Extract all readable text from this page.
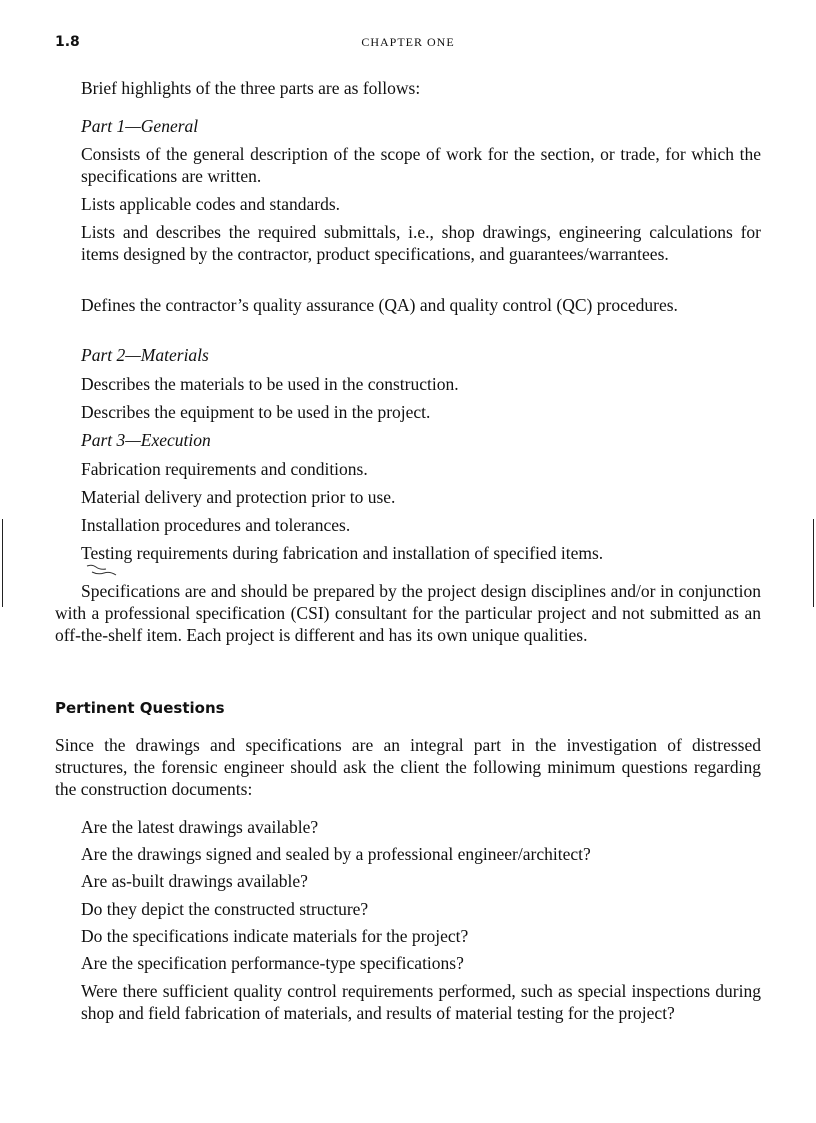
1.8	CHAPTER ONE
Brief highlights of the three parts are as follows:
Part 1—General
Consists of the general description of the scope of work for the section, or trade, for which the specifications are written.
Lists applicable codes and standards.
Lists and describes the required submittals, i.e., shop drawings, engineering calculations for items designed by the contractor, product specifications, and guarantees/warrantees.
Defines the contractor’s quality assurance (QA) and quality control (QC) procedures.
Part 2—Materials
Describes the materials to be used in the construction.
Describes the equipment to be used in the project.
Part 3—Execution
Fabrication requirements and conditions.
Material delivery and protection prior to use.
Installation procedures and tolerances.
Testing requirements during fabrication and installation of specified items.
Specifications are and should be prepared by the project design disciplines and/or in conjunction with a professional specification (CSI) consultant for the particular project and not submitted as an off-the-shelf item. Each project is different and has its own unique qualities.
Pertinent Questions
Since the drawings and specifications are an integral part in the investigation of distressed structures, the forensic engineer should ask the client the following minimum questions regarding the construction documents:
Are the latest drawings available?
Are the drawings signed and sealed by a professional engineer/architect?
Are as-built drawings available?
Do they depict the constructed structure?
Do the specifications indicate materials for the project?
Are the specification performance-type specifications?
Were there sufficient quality control requirements performed, such as special inspections during shop and field fabrication of materials, and results of material testing for the project?
